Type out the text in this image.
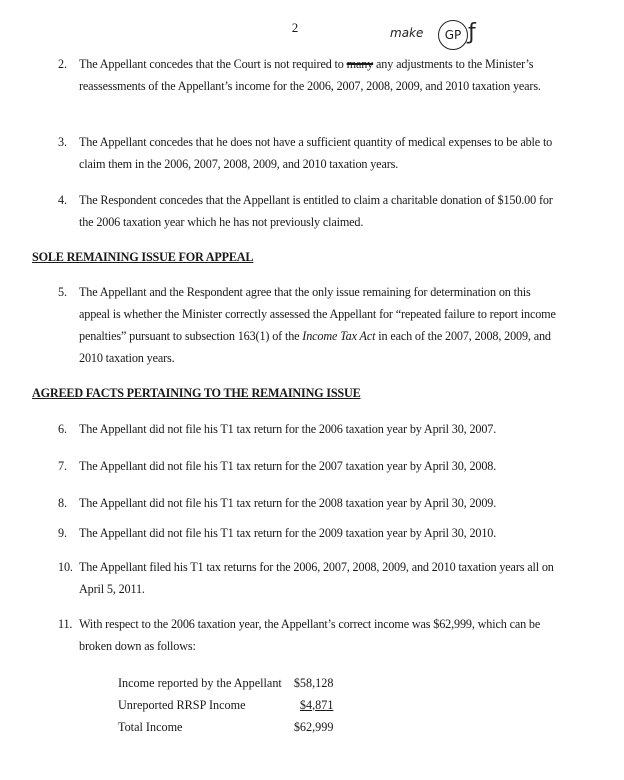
2	make	GP ƒ
2. The Appellant concedes that the Court is not required to many any adjustments to the Minister’s reassessments of the Appellant’s income for the 2006, 2007, 2008, 2009, and 2010 taxation years.
3. The Appellant concedes that he does not have a sufficient quantity of medical expenses to be able to claim them in the 2006, 2007, 2008, 2009, and 2010 taxation years.
4. The Respondent concedes that the Appellant is entitled to claim a charitable donation of $150.00 for the 2006 taxation year which he has not previously claimed.
SOLE REMAINING ISSUE FOR APPEAL
5. The Appellant and the Respondent agree that the only issue remaining for determination on this appeal is whether the Minister correctly assessed the Appellant for “repeated failure to report income penalties” pursuant to subsection 163(1) of the Income Tax Act in each of the 2007, 2008, 2009, and 2010 taxation years.
AGREED FACTS PERTAINING TO THE REMAINING ISSUE
6. The Appellant did not file his T1 tax return for the 2006 taxation year by April 30, 2007.
7. The Appellant did not file his T1 tax return for the 2007 taxation year by April 30, 2008.
8. The Appellant did not file his T1 tax return for the 2008 taxation year by April 30, 2009.
9. The Appellant did not file his T1 tax return for the 2009 taxation year by April 30, 2010.
10. The Appellant filed his T1 tax returns for the 2006, 2007, 2008, 2009, and 2010 taxation years all on April 5, 2011.
11. With respect to the 2006 taxation year, the Appellant’s correct income was $62,999, which can be broken down as follows:
Income reported by the Appellant	$58,128
Unreported RRSP Income	$4,871
Total Income	$62,999
